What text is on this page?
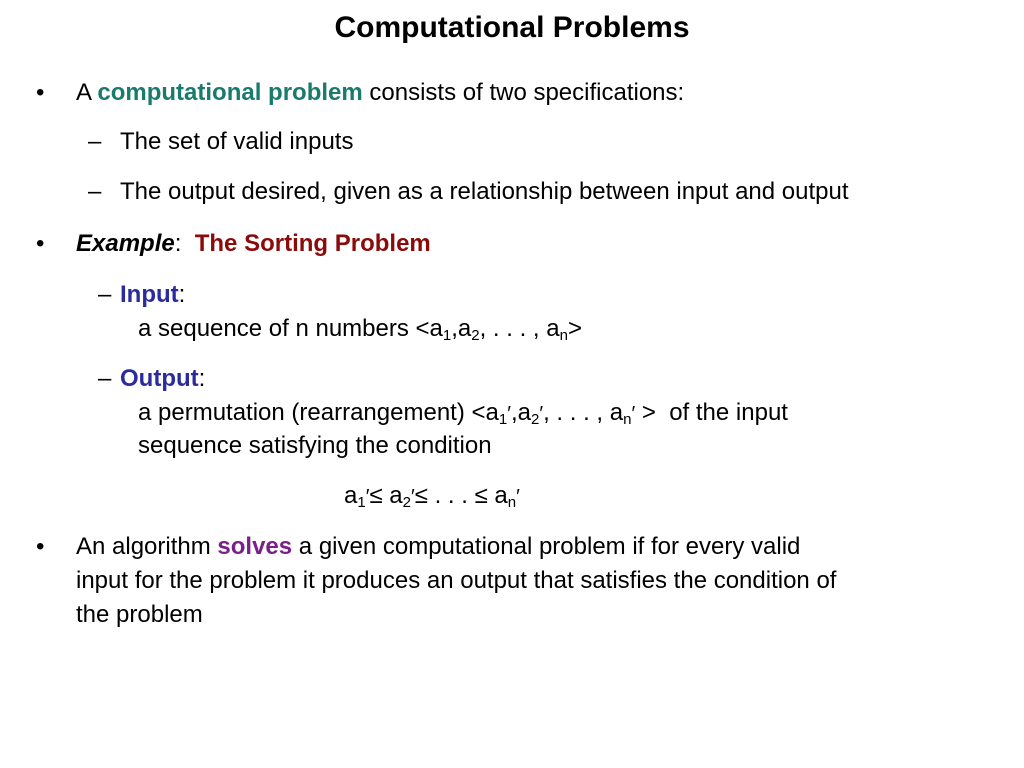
Computational Problems
• A computational problem consists of two specifications:
– The set of valid inputs
– The output desired, given as a relationship between input and output
• Example: The Sorting Problem
– Input:
a sequence of n numbers $<a_1,a_2$, . . . , $a_n>$
– Output:
a permutation (rearrangement) $<a_1',a_2'$, . . . , $a_n'$ >  of the input
sequence satisfying the condition
$a_1'\le a_2'\le$ . . . ≤ $a_n'$
• An algorithm solves a given computational problem if for every valid
input for the problem it produces an output that satisfies the condition of
the problem
